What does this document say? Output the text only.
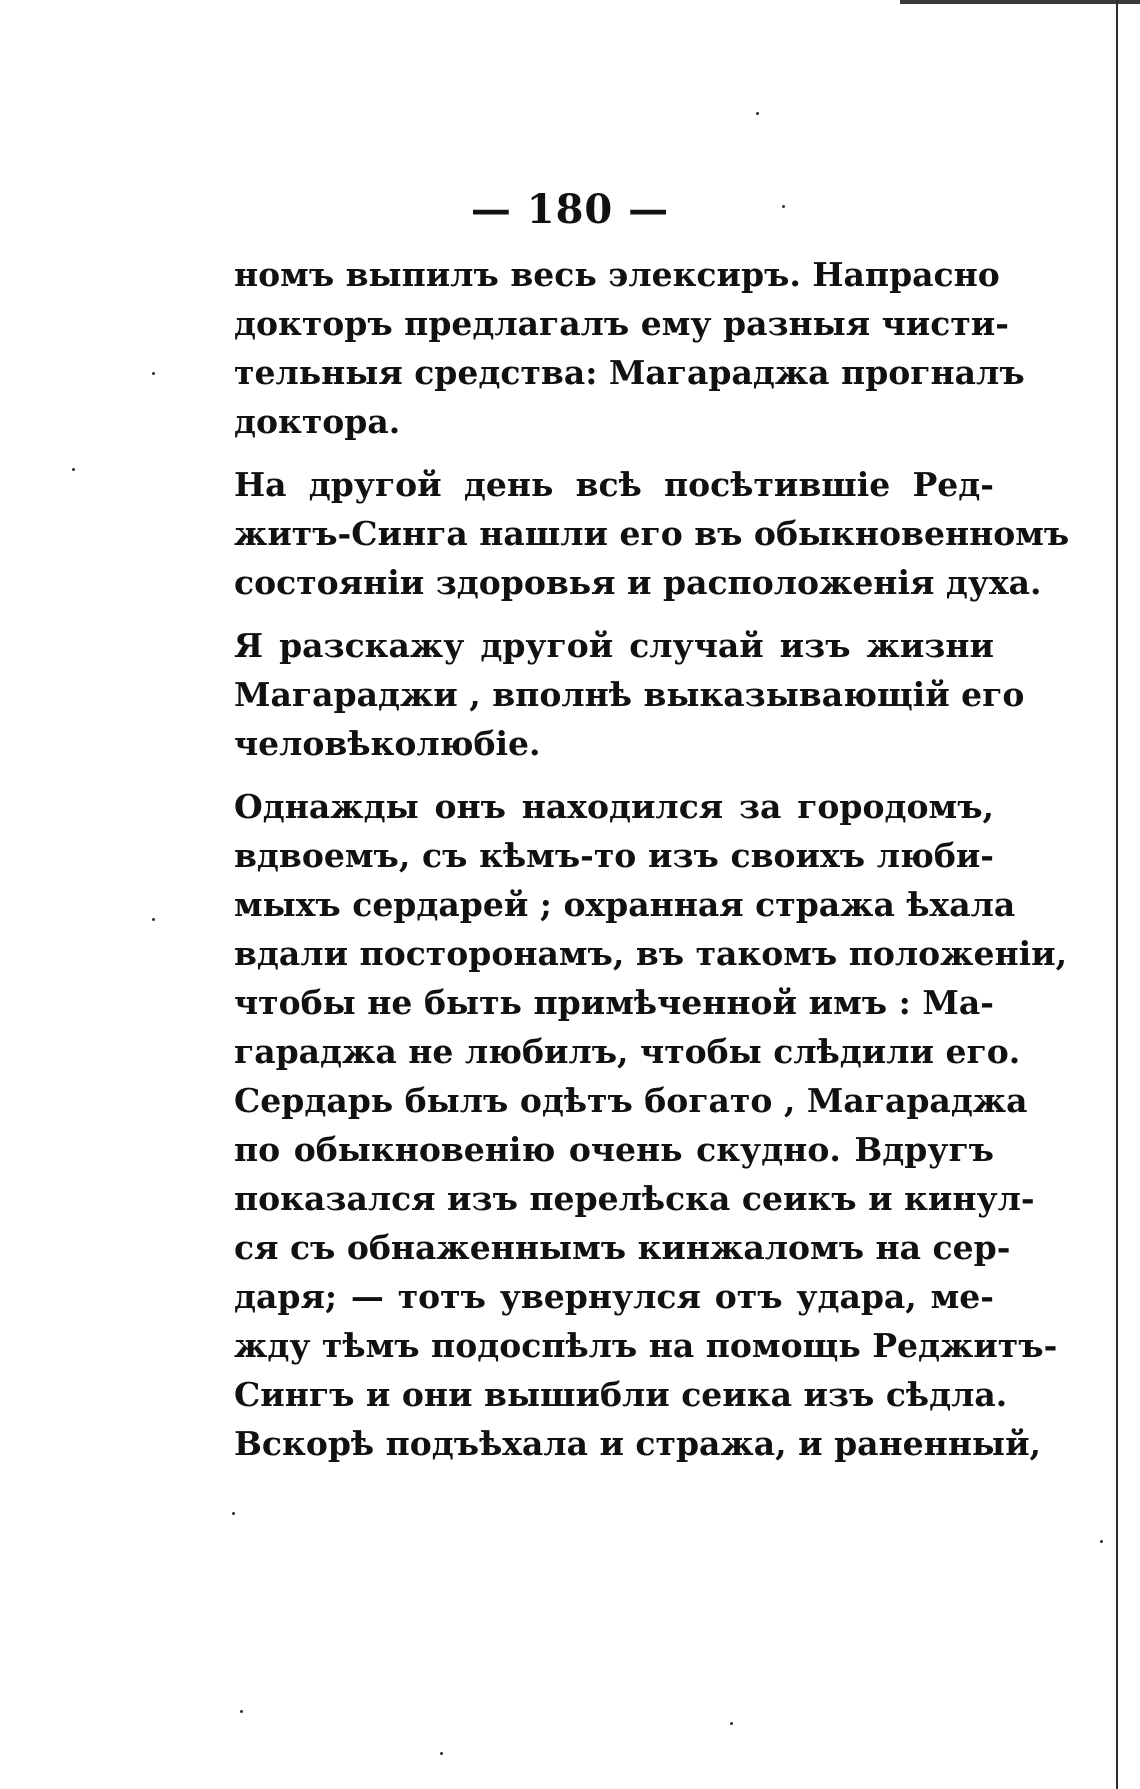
— 180 —
номъ выпилъ весь элексиръ. Напрасно
докторъ предлагалъ ему разныя чисти-
тельныя средства: Магараджа прогналъ
доктора.
На другой день всѣ посѣтившіе Ред-
житъ-Синга нашли его въ обыкновенномъ
состояніи здоровья и расположенія духа.
Я разскажу другой случай изъ жизни
Магараджи , вполнѣ выказывающій его
человѣколюбіе.
Однажды онъ находился за городомъ,
вдвоемъ, съ кѣмъ-то изъ своихъ люби-
мыхъ сердарей ; охранная стража ѣхала
вдали посторонамъ, въ такомъ положеніи,
чтобы не быть примѣченной имъ : Ма-
гараджа не любилъ, чтобы слѣдили его.
Сердарь былъ одѣтъ богато , Магараджа
по обыкновенію очень скудно. Вдругъ
показался изъ перелѣска сеикъ и кинул-
ся съ обнаженнымъ кинжаломъ на сер-
даря; — тотъ увернулся отъ удара, ме-
жду тѣмъ подоспѣлъ на помощь Реджитъ-
Сингъ и они вышибли сеика изъ сѣдла.
Вскорѣ подъѣхала и стража, и раненный,
